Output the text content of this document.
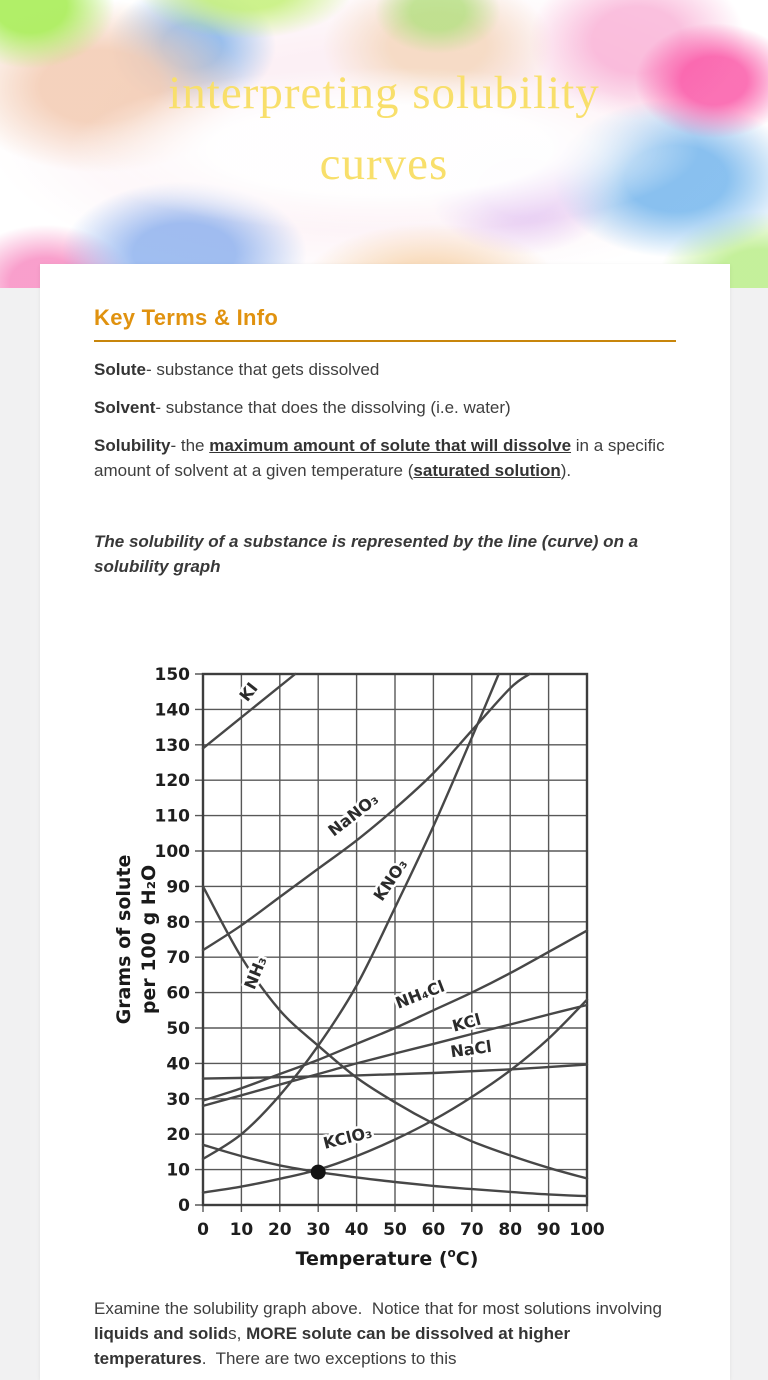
interpreting solubility
curves
Key Terms & Info

Solute- substance that gets dissolved

Solvent- substance that does the dissolving (i.e. water)

Solubility- the maximum amount of solute that will dissolve in a specific amount of solvent at a given temperature (saturated solution).

The solubility of a substance is represented by the line (curve) on a solubility graph

0
10
20
30
40
50
60
70
80
90
100
110
120
130
140
150
0 10 20 30 40 50 60 70 80 90 100
KI
NaNO₃
KNO₃
NH₃
NH₄Cl
KCl
NaCl
KClO₃
Grams of solute per 100 g H₂O
Temperature ($^o$C)

Examine the solubility graph above.  Notice that for most solutions involving liquids and solids, MORE solute can be dissolved at higher temperatures.  There are two exceptions to this
